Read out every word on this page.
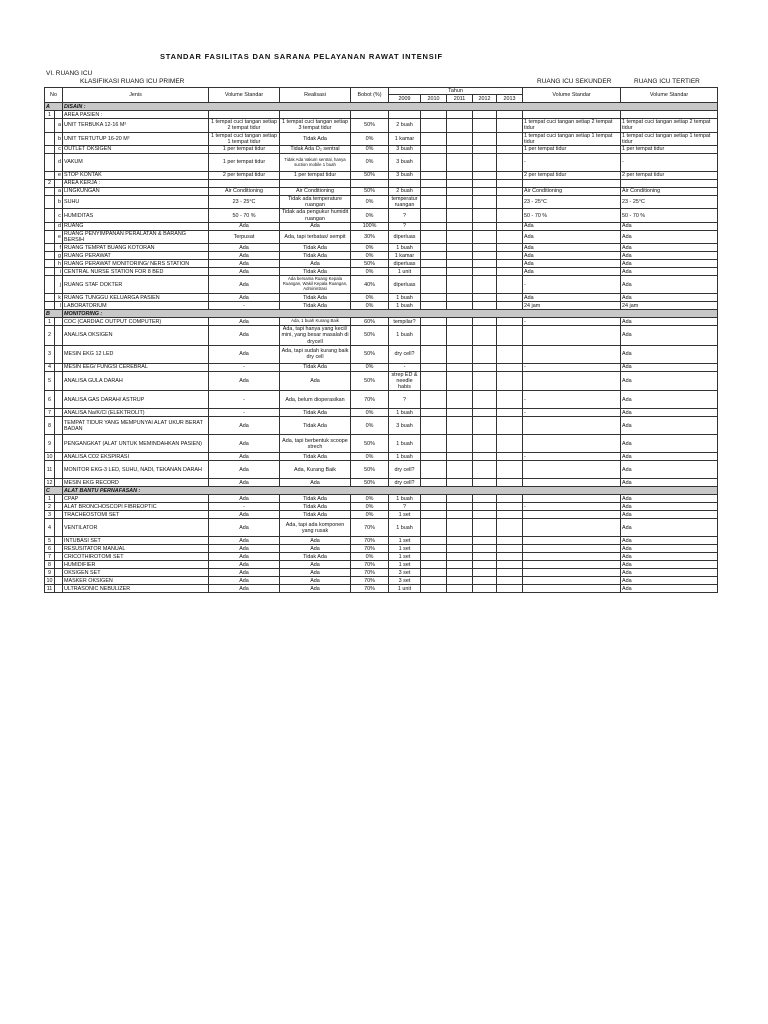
STANDAR FASILITAS DAN SARANA PELAYANAN RAWAT INTENSIF
VI. RUANG ICU
KLASIFIKASI RUANG ICU PRIMER	RUANG ICU SEKUNDER	RUANG ICU TERTIER
No		Jenis	Volume Standar	Realisasi	Bobot (%)	Tahun					Volume Standar	Volume Standar
						2009	2010	2011	2012	2013		
A		DISAIN :										
1		AREA PASIEN :										
	a	UNIT TERBUKA 12-16 M²	1 tempat cuci tangan setiap 2 tempat tidur	1 tempat cuci tangan setiap 3 tempat tidur	50%	2 buah					1 tempat cuci tangan setiap 2 tempat tidur	1 tempat cuci tangan setiap 2 tempat tidur
	b	UNIT TERTUTUP 16-20 M²	1 tempat cuci tangan setiap 1 tempat tidur	Tidak Ada	0%	1 kamar					1 tempat cuci tangan setiap 1 tempat tidur	1 tempat cuci tangan setiap 1 tempat tidur
	c	OUTLET OKSIGEN	1 per tempat tidur	Tidak Ada O₂ sentral	0%	3 buah					1 per tempat tidur	1 per tempat tidur
	d	VAKUM	1 per tempat tidur	Tidak Ada Vakum sentral, hanya suction mobile 1 buah	0%	3 buah					-	-
	e	STOP KONTAK	2 per tempat tidur	1 per tempat tidur	50%	3 buah					2 per tempat tidur	2 per tempat tidur
2		AREA KERJA :										
	a	LINGKUNGAN	Air Conditioning	Air Conditioning	50%	2 buah					Air Conditioning	Air Conditioning
	b	SUHU	23 - 25°C	Tidak ada temperature ruangan	0%	temperatur ruangan					23 - 25°C	23 - 25°C
	c	HUMIDITAS	50 - 70 %	Tidak ada pengukur humidit ruangan	0%	?					50 - 70 %	50 - 70 %
	d	RUANG	Ada	Ada	100%	?					Ada	Ada
	e	RUANG PENYIMPANAN PERALATAN & BARANG BERSIH	Terpusat	Ada, tapi terbatas/ sempit	30%	diperluas					Ada	Ada
	f	RUANG TEMPAT BUANG KOTORAN	Ada	Tidak Ada	0%	1 buah					Ada	Ada
	g	RUANG PERAWAT	Ada	Tidak Ada	0%	1 kamar					Ada	Ada
	h	RUANG PERAWAT MONITORING/ NERS STATION	Ada	Ada	50%	diperluas					Ada	Ada
	i	CENTRAL NURSE STATION FOR 8 BED	Ada	Tidak Ada	0%	1 unit					Ada	Ada
	j	RUANG STAF DOKTER	Ada	Ada bersama Ruang Kepala Ruangan, Wakil Kepala Ruangan, Administrasi	40%	diperluas					-	Ada
	k	RUANG TUNGGU KELUARGA PASIEN	Ada	Tidak Ada	0%	1 buah					Ada	Ada
	l	LABORATORIUM	-	Tidak Ada	0%	1 buah					24 jam	24 jam
B		MONITORING :										
1		COC (CARDIAC OUTPUT COMPUTER)	Ada	Ada, 1 buah Kurang Baik	60%	tempilar?					-	Ada
2		ANALISA OKSIGEN	Ada	Ada, tapi hanya yang kecil/ mini, yang besar masalah di drycell	50%	1 buah						Ada
3		MESIN EKG 12 LED	Ada	Ada, tapi sudah kurang baik dry cell	50%	dry cell?						Ada
4		MESIN EEG/ FUNGSI CEREBRAL	-	Tidak Ada	0%	-					-	Ada
5		ANALISA GULA DARAH	Ada	Ada	50%	strep ED & needle habis						Ada
6		ANALISA GAS DARAH/ ASTRUP	-	Ada, belum dioperasikan	70%	?					-	Ada
7		ANALISA Na/K/Cl (ELEKTROLIT)	-	Tidak Ada	0%	1 buah					-	Ada
8		TEMPAT TIDUR YANG MEMPUNYAI ALAT UKUR BERAT BADAN	Ada	Tidak Ada	0%	3 buah						Ada
9		PENGANGKAT (ALAT UNTUK MEMINDAHKAN PASIEN)	Ada	Ada, tapi berbentuk scoope strech	50%	1 buah						Ada
10		ANALISA CO2 EKSPIRASI	Ada	Tidak Ada	0%	1 buah					-	Ada
11		MONITOR EKG-3 LED, SUHU, NADI, TEKANAN DARAH	Ada	Ada, Kurang Baik	50%	dry cell?						Ada
12		MESIN EKG RECORD	Ada	Ada	50%	dry cell?						Ada
C		ALAT BANTU PERNAFASAN :										
1		CPAP	Ada	Tidak Ada	0%	1 buah						Ada
2		ALAT BRONCHOSCOPI FIBREOPTIC	-	Tidak Ada	0%	?					-	Ada
3		TRACHEOSTOMI SET	Ada	Tidak Ada	0%	1 set						Ada
4		VENTILATOR	Ada	Ada, tapi ada komponen yang rusak	70%	1 buah						Ada
5		INTUBASI SET	Ada	Ada	70%	1 set						Ada
6		RESUSITATOR MANUAL	Ada	Ada	70%	1 set						Ada
7		CRICOTHIROTOMI SET	Ada	Tidak Ada	0%	1 set						Ada
8		HUMIDIFIER	Ada	Ada	70%	1 set						Ada
9		OKSIGEN SET	Ada	Ada	70%	3 set						Ada
10		MASKER OKSIGEN	Ada	Ada	70%	3 set						Ada
11		ULTRASONIC NEBULIZER	Ada	Ada	70%	1 unit						Ada
